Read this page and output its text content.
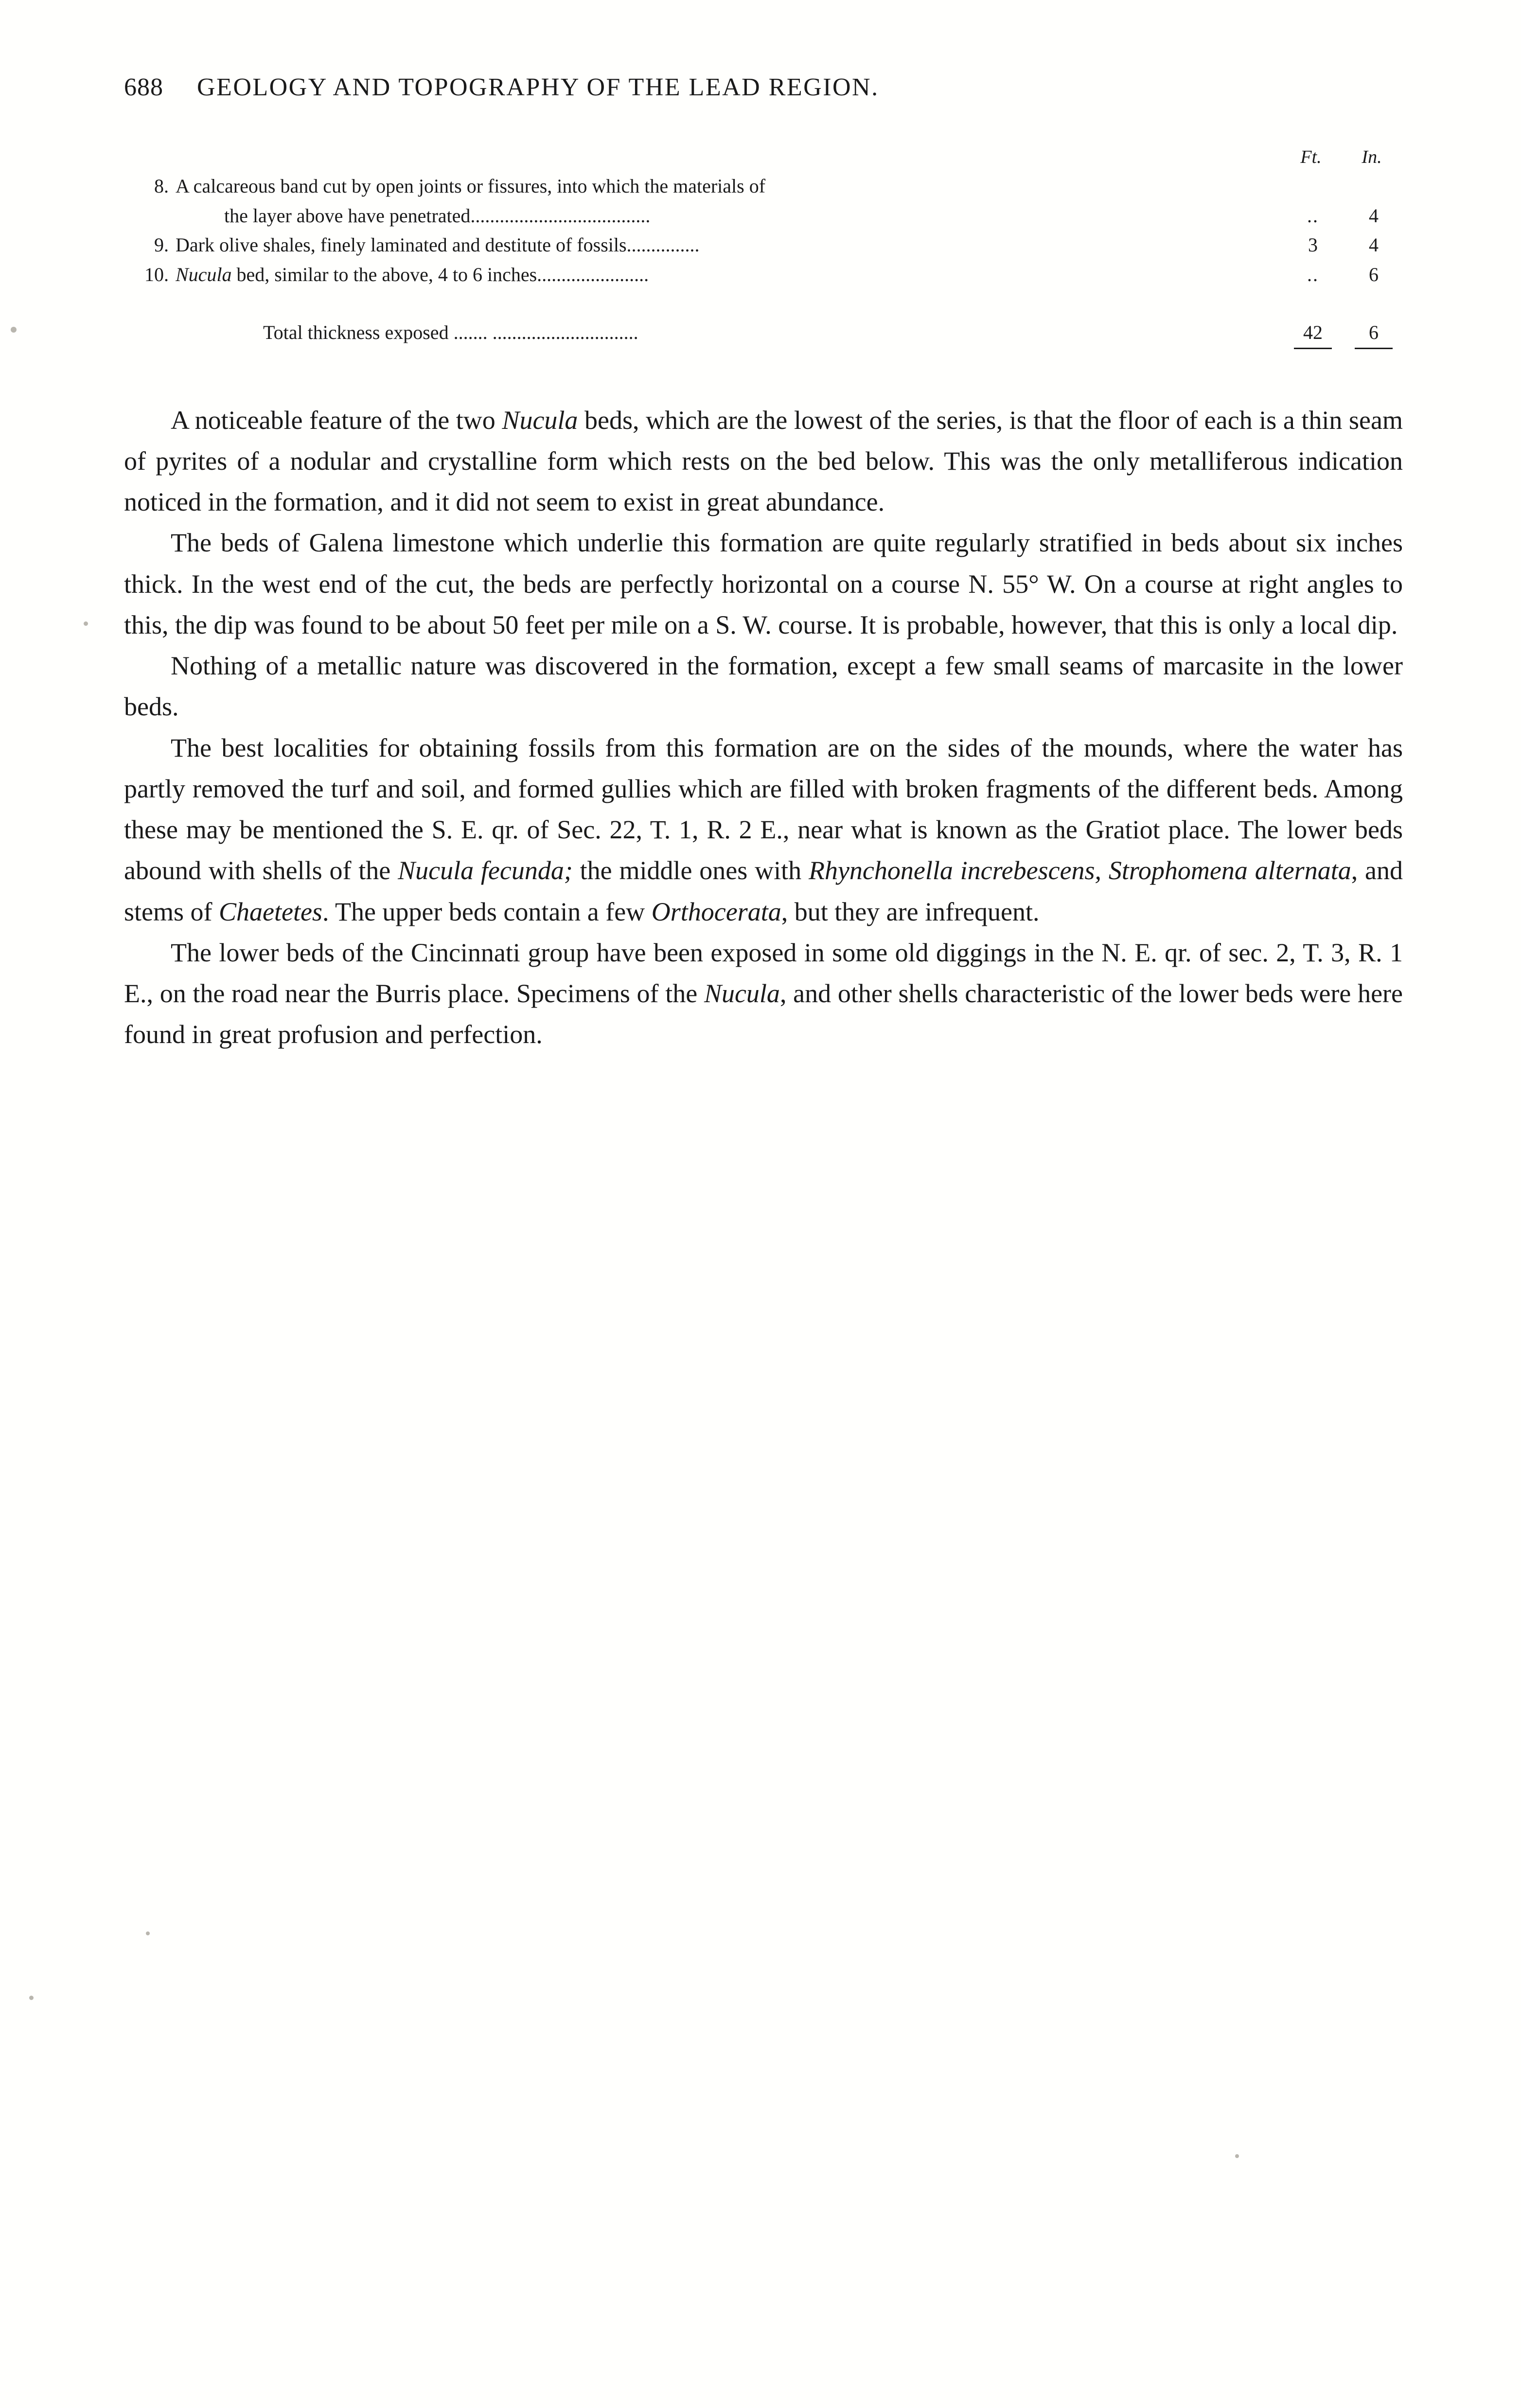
688	GEOLOGY AND TOPOGRAPHY OF THE LEAD REGION.
Ft.	In.
8. A calcareous band cut by open joints or fissures, into which the materials of
the layer above have penetrated.....................................	..	4
9. Dark olive shales, finely laminated and destitute of fossils...............	3	4
10. Nucula bed, similar to the above, 4 to 6 inches.......................	..	6
Total thickness exposed ....... ..............................	42	6

A noticeable feature of the two Nucula beds, which are the lowest of the series, is that the floor of each is a thin seam of pyrites of a nodular and crystalline form which rests on the bed below. This was the only metalliferous indication noticed in the formation, and it did not seem to exist in great abundance.

The beds of Galena limestone which underlie this formation are quite regularly stratified in beds about six inches thick. In the west end of the cut, the beds are perfectly horizontal on a course N. 55° W. On a course at right angles to this, the dip was found to be about 50 feet per mile on a S. W. course. It is probable, however, that this is only a local dip.

Nothing of a metallic nature was discovered in the formation, except a few small seams of marcasite in the lower beds.

The best localities for obtaining fossils from this formation are on the sides of the mounds, where the water has partly removed the turf and soil, and formed gullies which are filled with broken fragments of the different beds. Among these may be mentioned the S. E. qr. of Sec. 22, T. 1, R. 2 E., near what is known as the Gratiot place. The lower beds abound with shells of the Nucula fecunda; the middle ones with Rhynchonella increbescens, Strophomena alternata, and stems of Chaetetes. The upper beds contain a few Orthocerata, but they are infrequent.

The lower beds of the Cincinnati group have been exposed in some old diggings in the N. E. qr. of sec. 2, T. 3, R. 1 E., on the road near the Burris place. Specimens of the Nucula, and other shells characteristic of the lower beds were here found in great profusion and perfection.
